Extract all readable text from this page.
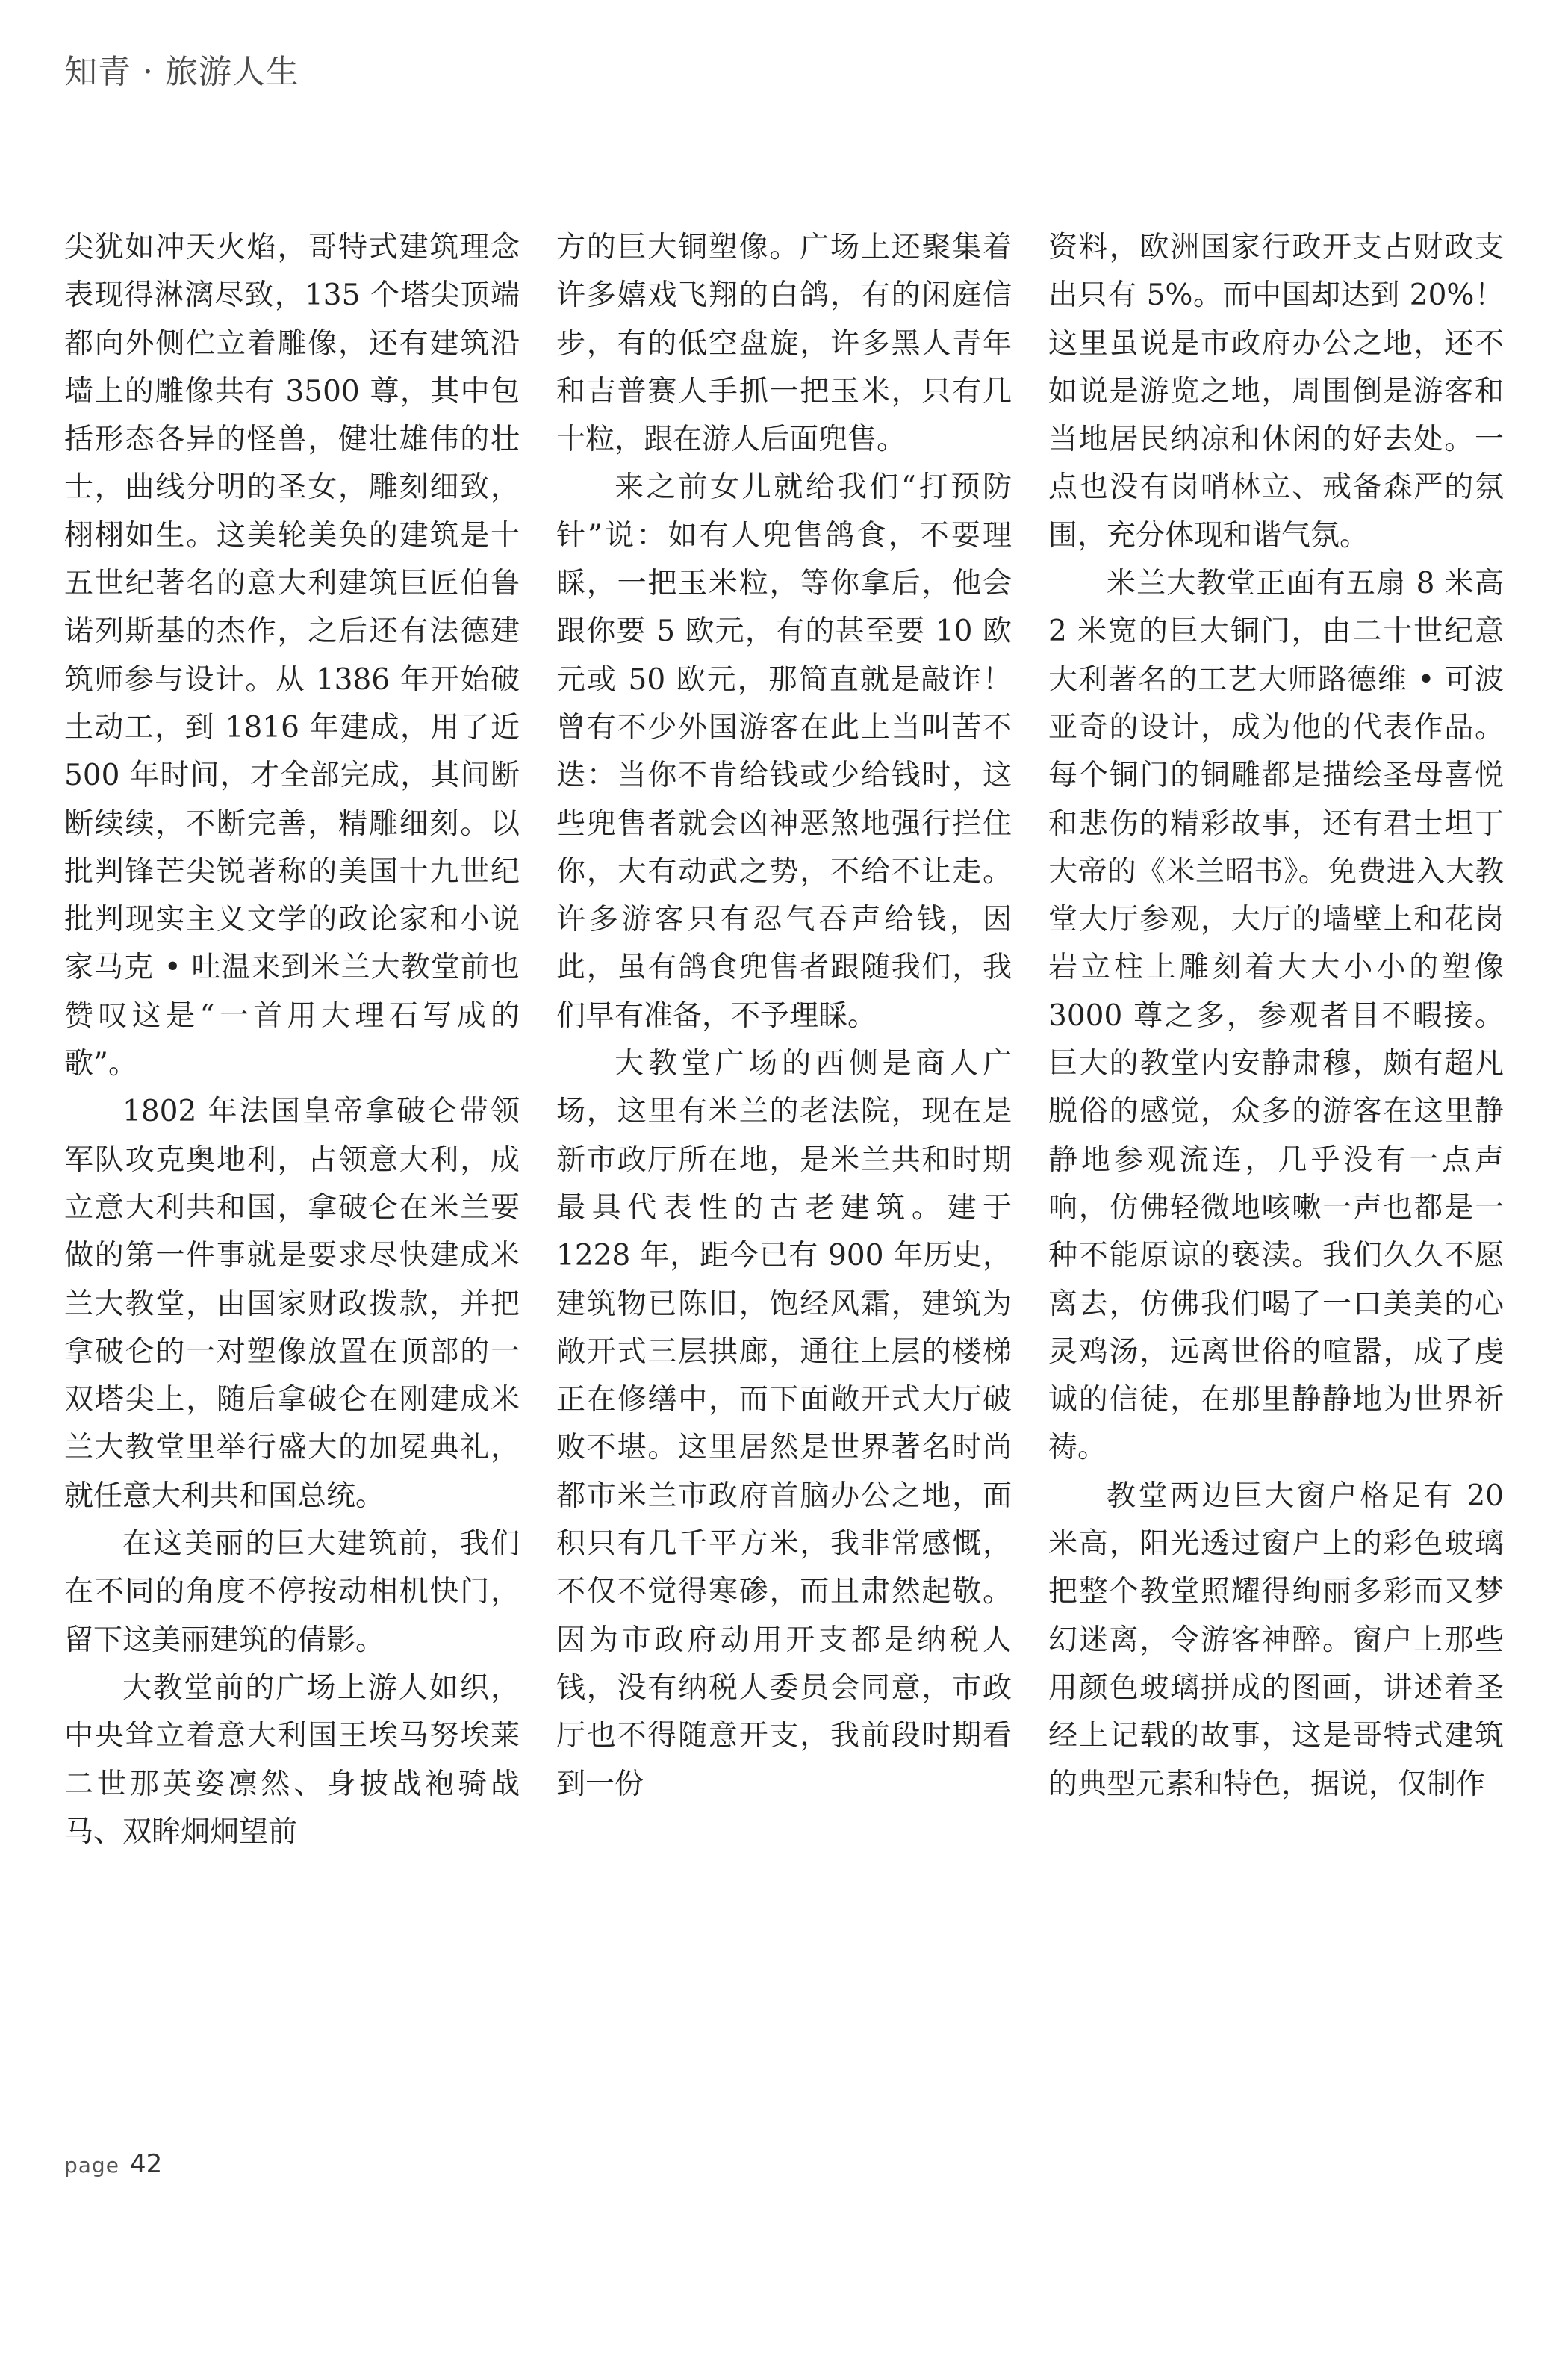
知青 · 旅游人生

尖犹如冲天火焰，哥特式建筑理念表现得淋漓尽致，135 个塔尖顶端都向外侧伫立着雕像，还有建筑沿墙上的雕像共有 3500 尊，其中包括形态各异的怪兽，健壮雄伟的壮士，曲线分明的圣女，雕刻细致，栩栩如生。这美轮美奂的建筑是十五世纪著名的意大利建筑巨匠伯鲁诺列斯基的杰作，之后还有法德建筑师参与设计。从 1386 年开始破土动工，到 1816 年建成，用了近 500 年时间，才全部完成，其间断断续续，不断完善，精雕细刻。以批判锋芒尖锐著称的美国十九世纪批判现实主义文学的政论家和小说家马克 • 吐温来到米兰大教堂前也赞叹这是“一首用大理石写成的歌”。

1802 年法国皇帝拿破仑带领军队攻克奥地利，占领意大利，成立意大利共和国，拿破仑在米兰要做的第一件事就是要求尽快建成米兰大教堂，由国家财政拨款，并把拿破仑的一对塑像放置在顶部的一双塔尖上，随后拿破仑在刚建成米兰大教堂里举行盛大的加冕典礼，就任意大利共和国总统。

在这美丽的巨大建筑前，我们在不同的角度不停按动相机快门，留下这美丽建筑的倩影。

大教堂前的广场上游人如织，中央耸立着意大利国王埃马努埃莱二世那英姿凛然、身披战袍骑战马、双眸炯炯望前

方的巨大铜塑像。广场上还聚集着许多嬉戏飞翔的白鸽，有的闲庭信步，有的低空盘旋，许多黑人青年和吉普赛人手抓一把玉米，只有几十粒，跟在游人后面兜售。

来之前女儿就给我们“打预防针”说：如有人兜售鸽食，不要理睬，一把玉米粒，等你拿后，他会跟你要 5 欧元，有的甚至要 10 欧元或 50 欧元，那简直就是敲诈！曾有不少外国游客在此上当叫苦不迭：当你不肯给钱或少给钱时，这些兜售者就会凶神恶煞地强行拦住你，大有动武之势，不给不让走。许多游客只有忍气吞声给钱，因此，虽有鸽食兜售者跟随我们，我们早有准备，不予理睬。

大教堂广场的西侧是商人广场，这里有米兰的老法院，现在是新市政厅所在地，是米兰共和时期最具代表性的古老建筑。建于 1228 年，距今已有 900 年历史，建筑物已陈旧，饱经风霜，建筑为敞开式三层拱廊，通往上层的楼梯正在修缮中，而下面敞开式大厅破败不堪。这里居然是世界著名时尚都市米兰市政府首脑办公之地，面积只有几千平方米，我非常感慨，不仅不觉得寒碜，而且肃然起敬。因为市政府动用开支都是纳税人钱，没有纳税人委员会同意，市政厅也不得随意开支，我前段时期看到一份

资料，欧洲国家行政开支占财政支出只有 5%。而中国却达到 20%！这里虽说是市政府办公之地，还不如说是游览之地，周围倒是游客和当地居民纳凉和休闲的好去处。一点也没有岗哨林立、戒备森严的氛围，充分体现和谐气氛。

米兰大教堂正面有五扇 8 米高 2 米宽的巨大铜门，由二十世纪意大利著名的工艺大师路德维 • 可波亚奇的设计，成为他的代表作品。每个铜门的铜雕都是描绘圣母喜悦和悲伤的精彩故事，还有君士坦丁大帝的《米兰昭书》。免费进入大教堂大厅参观，大厅的墙壁上和花岗岩立柱上雕刻着大大小小的塑像 3000 尊之多，参观者目不暇接。巨大的教堂内安静肃穆，颇有超凡脱俗的感觉，众多的游客在这里静静地参观流连，几乎没有一点声响，仿佛轻微地咳嗽一声也都是一种不能原谅的亵渎。我们久久不愿离去，仿佛我们喝了一口美美的心灵鸡汤，远离世俗的喧嚣，成了虔诚的信徒，在那里静静地为世界祈祷。

教堂两边巨大窗户格足有 20 米高，阳光透过窗户上的彩色玻璃把整个教堂照耀得绚丽多彩而又梦幻迷离，令游客神醉。窗户上那些用颜色玻璃拼成的图画，讲述着圣经上记载的故事，这是哥特式建筑的典型元素和特色，据说，仅制作

page 42
